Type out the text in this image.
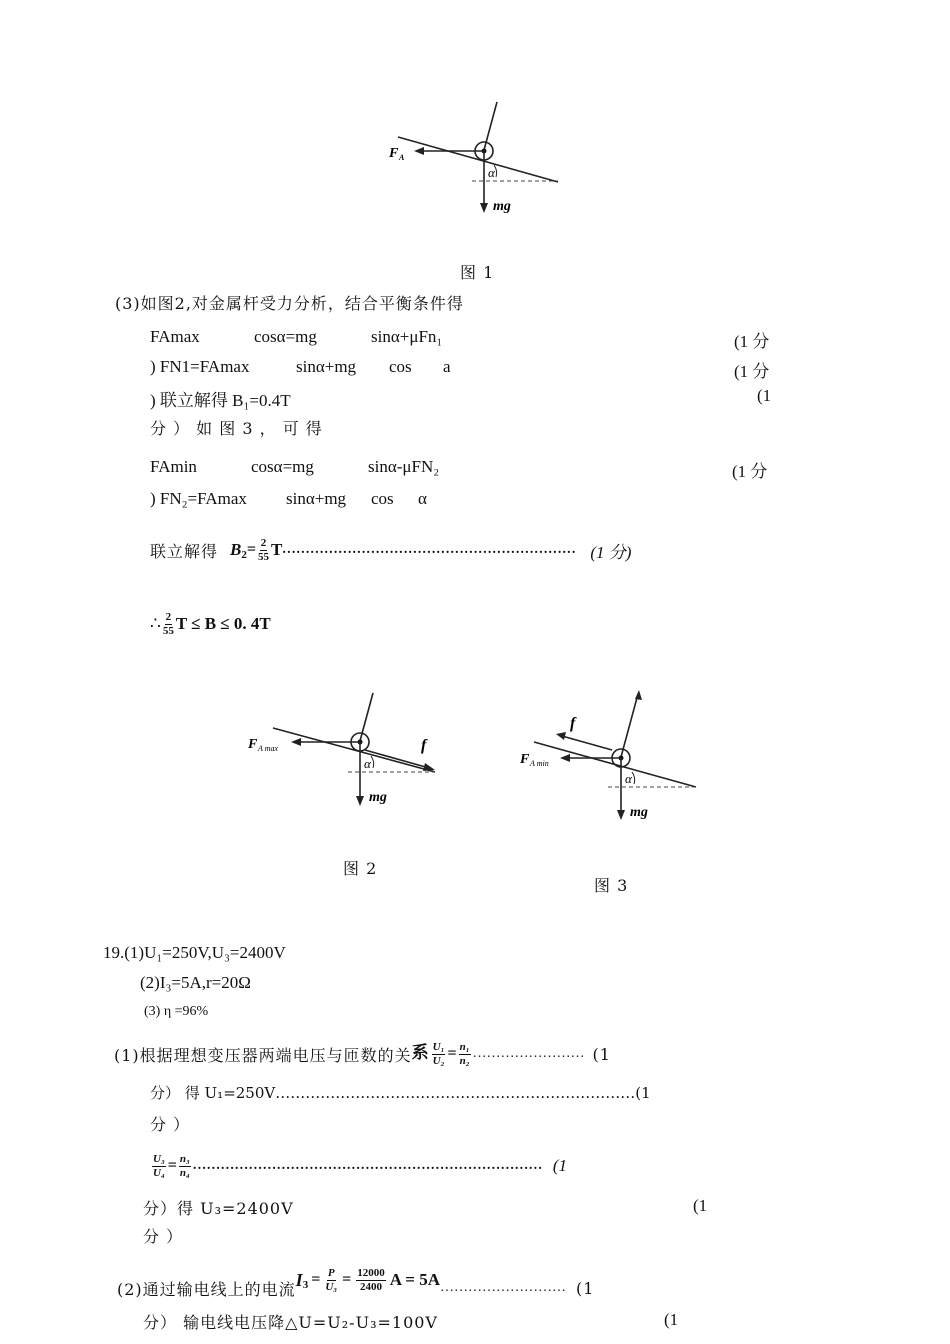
F A
α
mg
图 1
(3)如图2,对金属杆受力分析，结合平衡条件得
FAmax	cosα=mg	sinα+μFn₁	(1 分
) FN1=FAmax	sinα+mg cos a	(1 分
) 联立解得 B₁=0.4T	(1
分 ） 如 图 3 ， 可 得
FAmin	cosα=mg	sinα-μFN₂	(1 分
) FN₂=FAmax sinα+mg cos α
联立解得 B $2 = \frac{2}{55}$ T ……………………………………………………… (1 分)
∴ $\frac{2}{55}$ T ≤ B ≤ 0. 4T
F A max	f
α
mg
图 2
F A min
f
α
mg
图 3
19.(1)U₁=250V,U₃=2400V
(2)I₃=5A,r=20Ω
(3) η =96%
(1)根据理想变压器两端电压与匝数的关 系 $\frac{\text{U₁}}{\text{U₂}} = \frac{\text{n₁}}{\text{n₂}}$ …………………… (1
分） 得 U₁=250V………………………………………………………………(1
分 ）
$\frac{\text{U₃}}{\text{U₄}} = \frac{\text{n₃}}{\text{n₄}}$ ………………………………………………………………… (1
分）得 U₃=2400V	(1
分 ）
(2)通过输电线上的电流 I $3 = \frac{P}{\text{U₃}} = \frac{12000}{2400}$ A = 5A ……………………… (1
分） 输电线电压降△U=U₂-U₃=100V	(1
